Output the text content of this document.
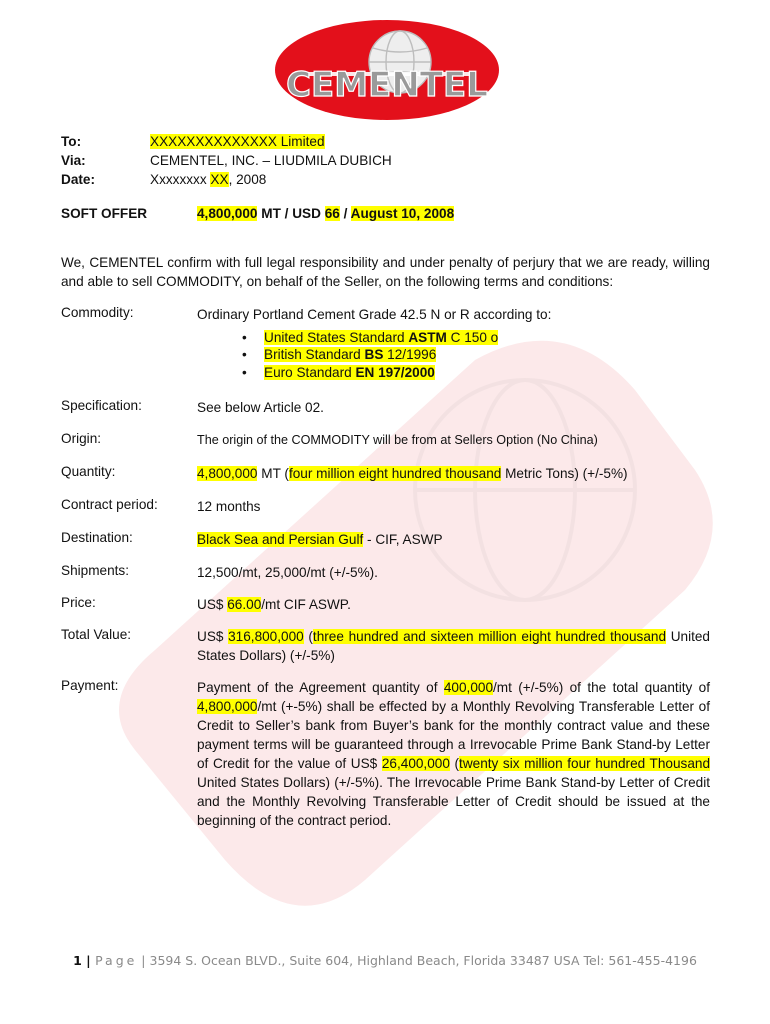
CEMENTEL
To:	XXXXXXXXXXXXXX Limited
Via:	CEMENTEL, INC. – LIUDMILA DUBICH
Date:	Xxxxxxxx XX, 2008
SOFT OFFER	4,800,000 MT / USD 66 / August 10, 2008
We, CEMENTEL confirm with full legal responsibility and under penalty of perjury that we are ready, willing and able to sell COMMODITY, on behalf of the Seller, on the following terms and conditions:
Commodity:	Ordinary Portland Cement Grade 42.5 N or R according to:
• United States Standard ASTM C 150 o
• British Standard BS 12/1996
• Euro Standard EN 197/2000
Specification:	See below Article 02.
Origin:	The origin of the COMMODITY will be from at Sellers Option (No China)
Quantity:	4,800,000 MT (four million eight hundred thousand Metric Tons) (+/-5%)
Contract period:	12 months
Destination:	Black Sea and Persian Gulf - CIF, ASWP
Shipments:	12,500/mt, 25,000/mt (+/-5%).
Price:	US$ 66.00/mt CIF ASWP.
Total Value:	US$ 316,800,000 (three hundred and sixteen million eight hundred thousand United States Dollars) (+/-5%)
Payment:	Payment of the Agreement quantity of 400,000/mt (+/-5%) of the total quantity of 4,800,000/mt (+-5%) shall be effected by a Monthly Revolving Transferable Letter of Credit to Seller’s bank from Buyer’s bank for the monthly contract value and these payment terms will be guaranteed through a Irrevocable Prime Bank Stand-by Letter of Credit for the value of US$ 26,400,000 (twenty six million four hundred Thousand United States Dollars) (+/-5%). The Irrevocable Prime Bank Stand-by Letter of Credit and the Monthly Revolving Transferable Letter of Credit should be issued at the beginning of the contract period.
1 | Page | 3594 S. Ocean BLVD., Suite 604, Highland Beach, Florida 33487 USA Tel: 561-455-4196
